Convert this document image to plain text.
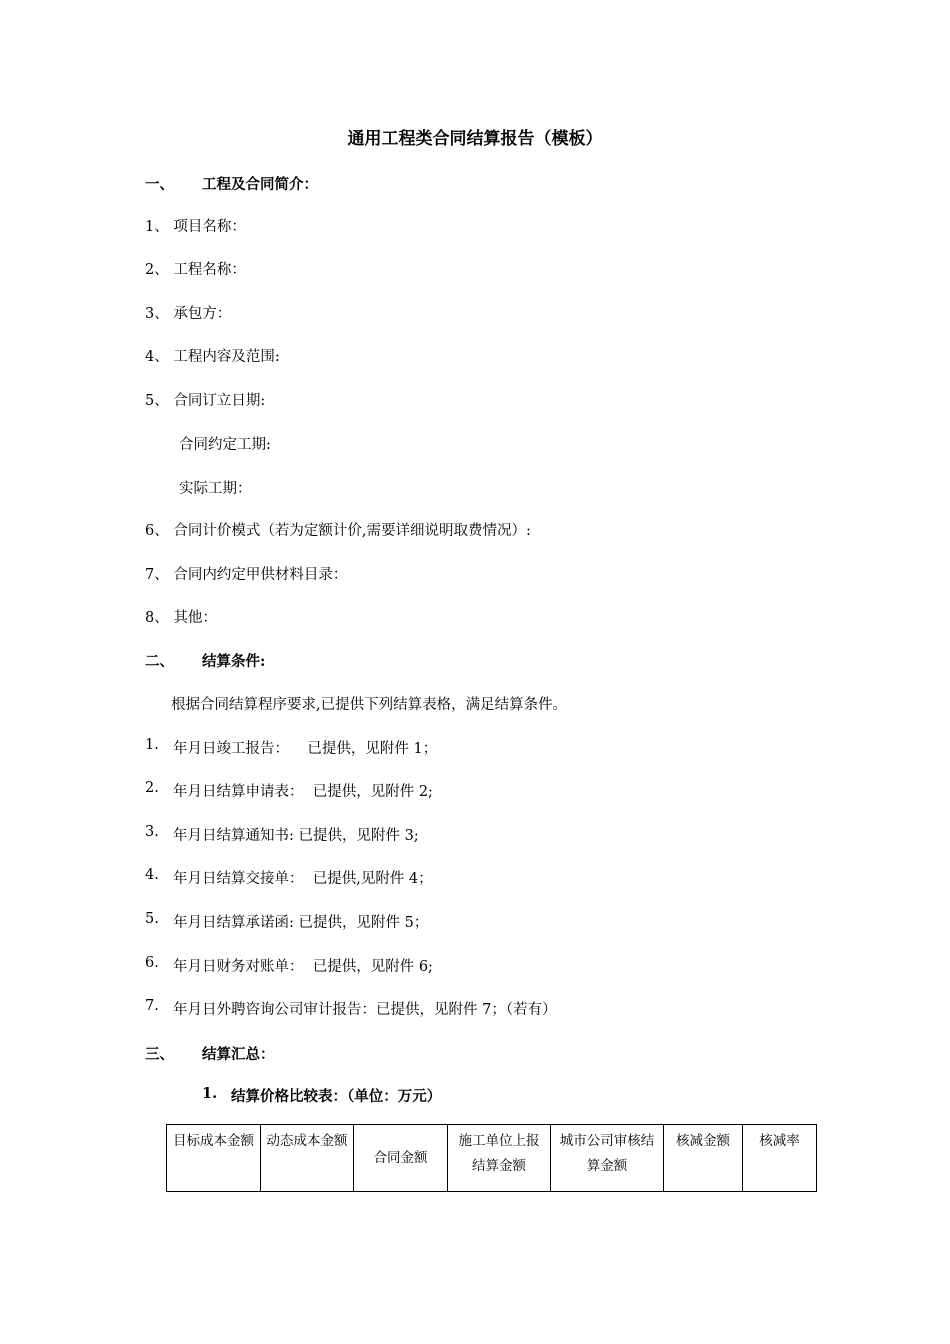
通用工程类合同结算报告（模板）
一、 工程及合同简介：
1、 项目名称：
2、 工程名称：
3、 承包方：
4、 工程内容及范围:
5、 合同订立日期:
合同约定工期:
实际工期：
6、 合同计价模式（若为定额计价,需要详细说明取费情况）:
7、 合同内约定甲供材料目录：
8、 其他：
二、 结算条件:
根据合同结算程序要求,已提供下列结算表格，满足结算条件。
1. 年月日竣工报告：    已提供，见附件 1；
2. 年月日结算申请表：  已提供，见附件 2;
3. 年月日结算通知书: 已提供，见附件 3;
4. 年月日结算交接单：  已提供,见附件 4；
5. 年月日结算承诺函: 已提供，见附件 5；
6. 年月日财务对账单：  已提供，见附件 6;
7. 年月日外聘咨询公司审计报告：已提供，见附件 7；（若有）
三、 结算汇总：
1. 结算价格比较表：（单位：万元）
目标成本金额	动态成本金额	合同金额	施工单位上报结算金额	城市公司审核结算金额	核减金额	核减率
